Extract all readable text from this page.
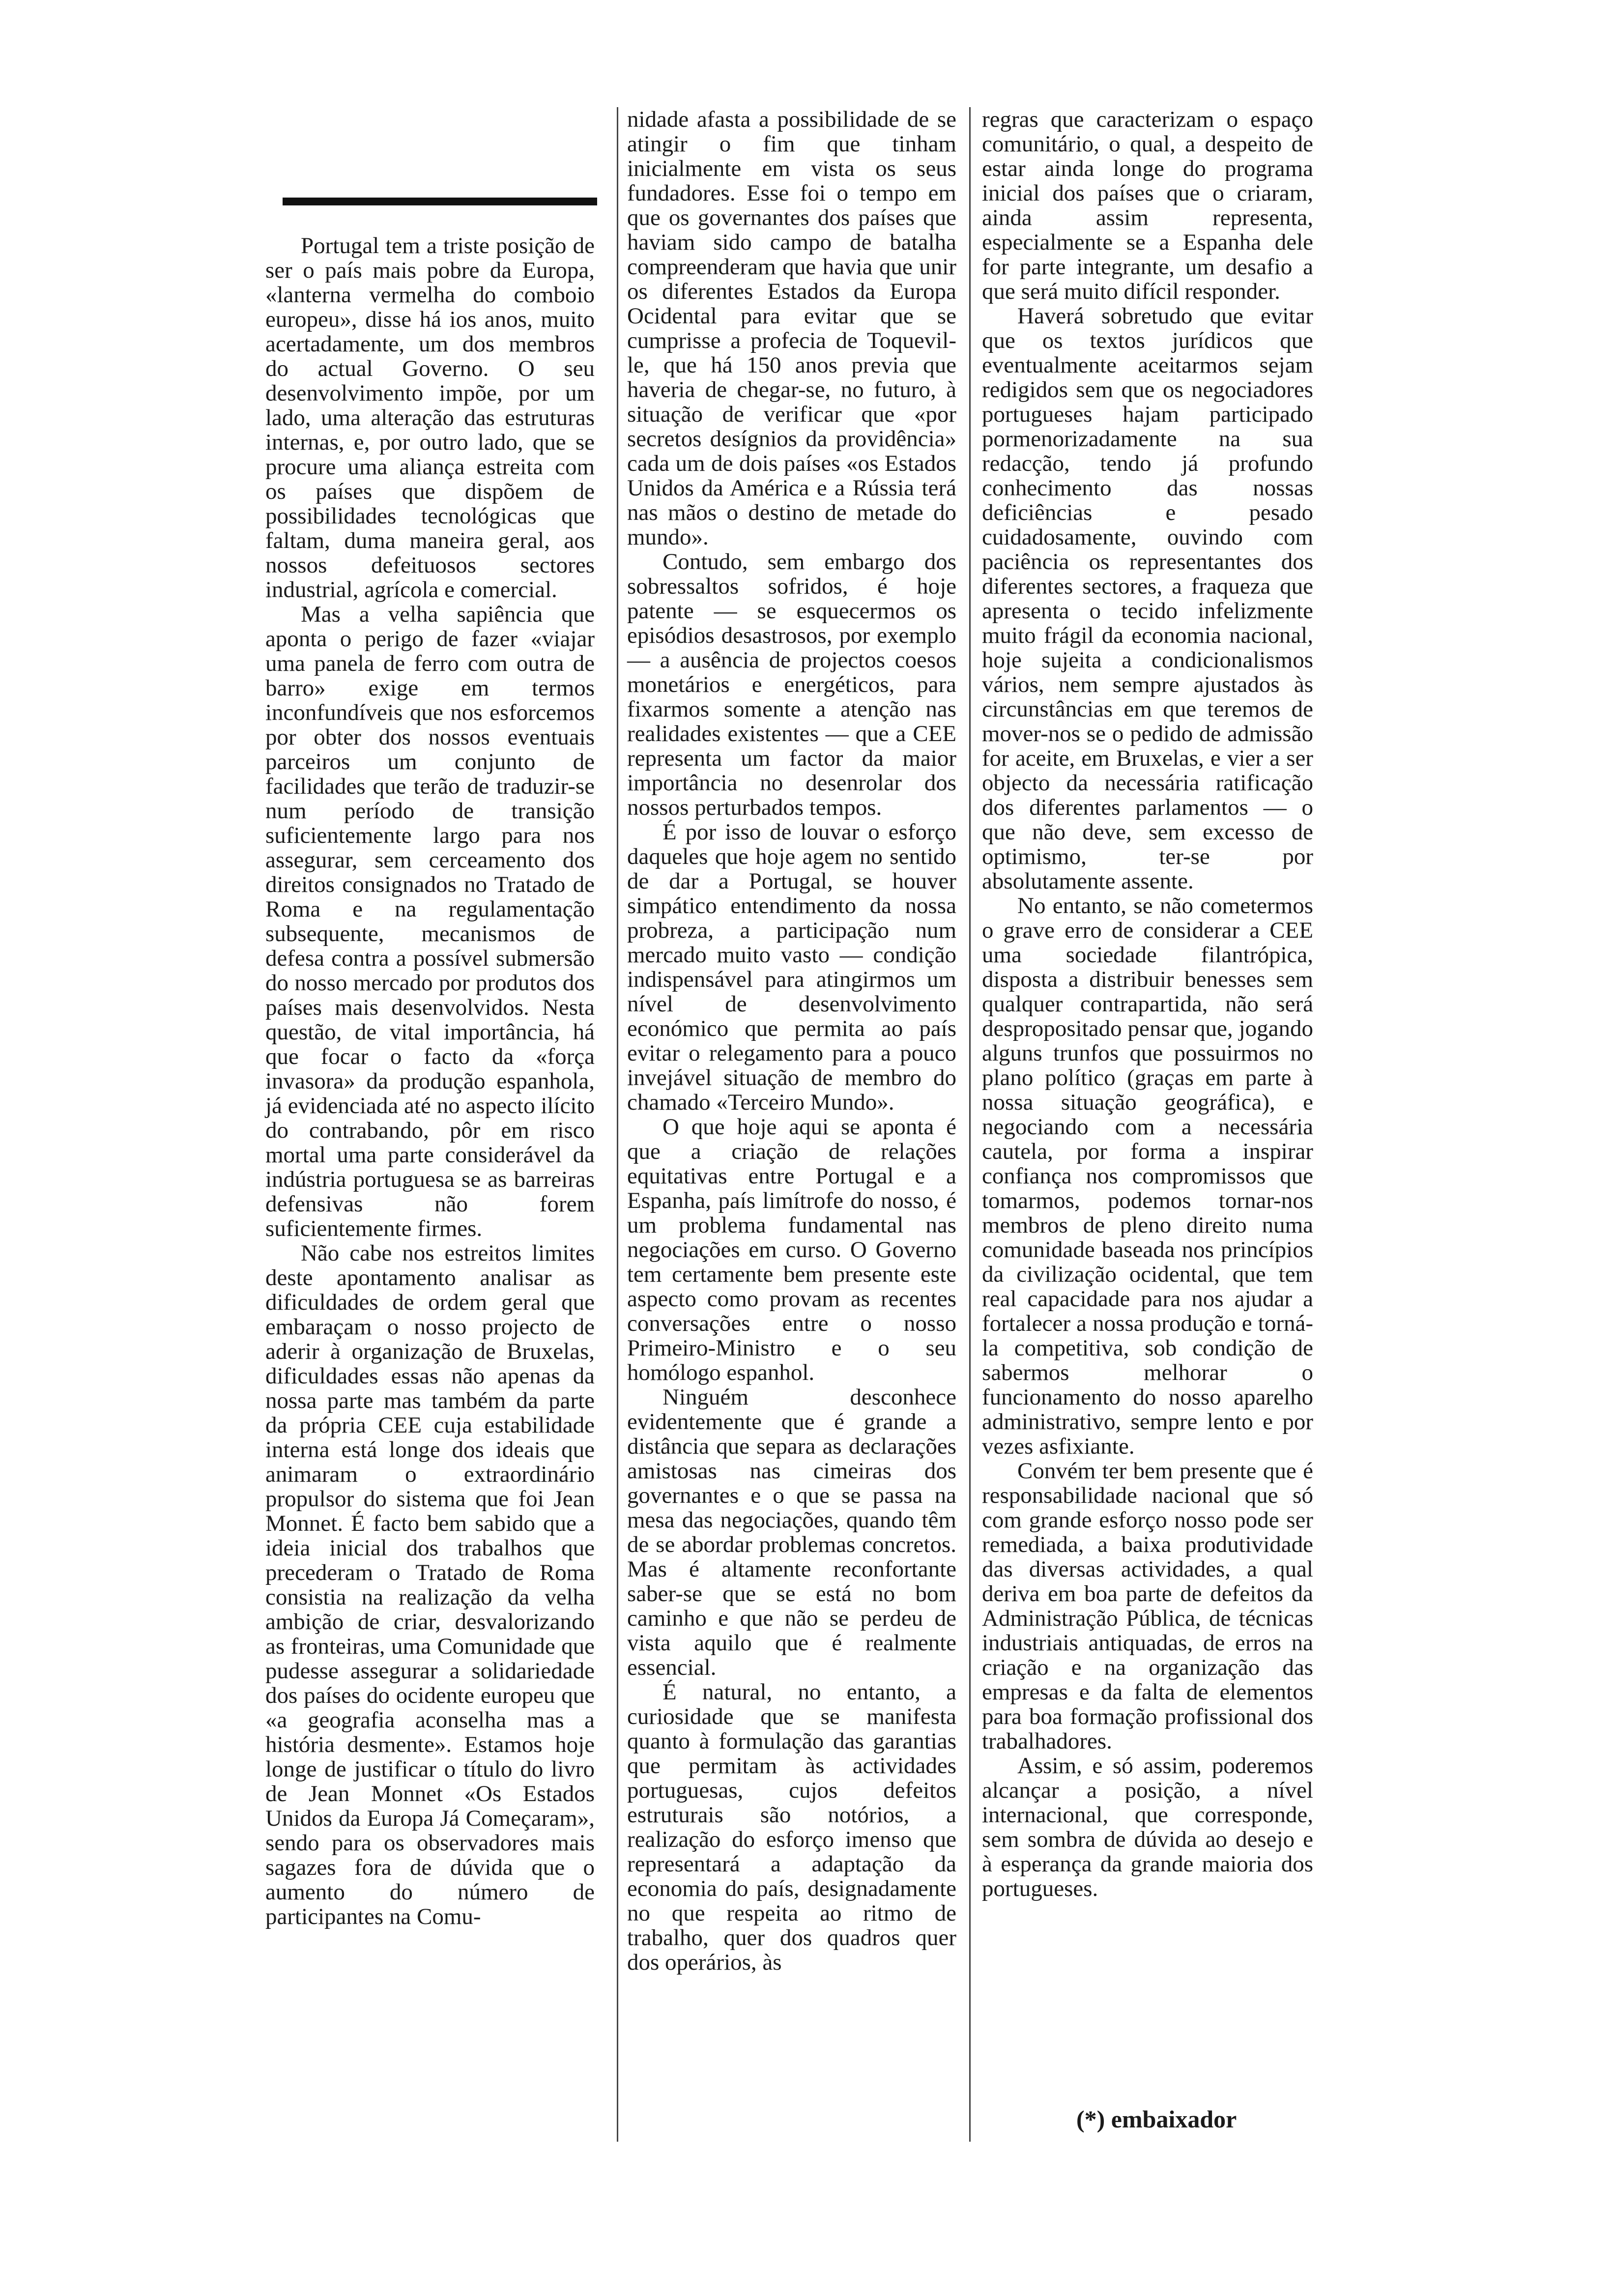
Portugal tem a triste posição de ser o país mais pobre da Europa, «lanterna vermelha do comboio europeu», disse há ios anos, muito acertadamente, um dos membros do actual Governo. O seu desenvolvimento impõe, por um lado, uma alteração das estruturas internas, e, por outro lado, que se procure uma aliança estreita com os países que dispõem de possibilidades tecnológicas que faltam, duma maneira geral, aos nossos defeituosos sectores industrial, agrícola e comercial.

Mas a velha sapiência que aponta o perigo de fazer «viajar uma panela de ferro com outra de barro» exige em termos inconfundíveis que nos esforcemos por obter dos nossos eventuais parceiros um conjunto de facilidades que terão de traduzir-se num período de transição suficientemente largo para nos assegurar, sem cerceamento dos direitos consignados no Tratado de Roma e na regulamentação subsequente, mecanismos de defesa contra a possível submersão do nosso mercado por produtos dos países mais desenvolvidos. Nesta questão, de vital importância, há que focar o facto da «força invasora» da produção espanhola, já evidenciada até no aspecto ilícito do contrabando, pôr em risco mortal uma parte considerável da indústria portuguesa se as barreiras defensivas não forem suficientemente firmes.

Não cabe nos estreitos limites deste apontamento analisar as dificuldades de ordem geral que embaraçam o nosso projecto de aderir à organização de Bruxelas, dificuldades essas não apenas da nossa parte mas também da parte da própria CEE cuja estabilidade interna está longe dos ideais que animaram o extraordinário propulsor do sistema que foi Jean Monnet. É facto bem sabido que a ideia inicial dos trabalhos que precederam o Tratado de Roma consistia na realização da velha ambição de criar, desvalorizando as fronteiras, uma Comunidade que pudesse assegurar a solidariedade dos países do ocidente europeu que «a geografia aconselha mas a história desmente». Estamos hoje longe de justificar o título do livro de Jean Monnet «Os Estados Unidos da Europa Já Começaram», sendo para os observadores mais sagazes fora de dúvida que o aumento do número de participantes na Comu-

nidade afasta a possibilidade de se atingir o fim que tinham inicialmente em vista os seus fundadores. Esse foi o tempo em que os governantes dos países que haviam sido campo de batalha compreenderam que havia que unir os diferentes Estados da Europa Ocidental para evitar que se cumprisse a profecia de Toquevil-le, que há 150 anos previa que haveria de chegar-se, no futuro, à situação de verificar que «por secretos desígnios da providência» cada um de dois países «os Estados Unidos da América e a Rússia terá nas mãos o destino de metade do mundo».

Contudo, sem embargo dos sobressaltos sofridos, é hoje patente — se esquecermos os episódios desastrosos, por exemplo — a ausência de projectos coesos monetários e energéticos, para fixarmos somente a atenção nas realidades existentes — que a CEE representa um factor da maior importância no desenrolar dos nossos perturbados tempos.

É por isso de louvar o esforço daqueles que hoje agem no sentido de dar a Portugal, se houver simpático entendimento da nossa probreza, a participação num mercado muito vasto — condição indispensável para atingirmos um nível de desenvolvimento económico que permita ao país evitar o relegamento para a pouco invejável situação de membro do chamado «Terceiro Mundo».

O que hoje aqui se aponta é que a criação de relações equitativas entre Portugal e a Espanha, país limítrofe do nosso, é um problema fundamental nas negociações em curso. O Governo tem certamente bem presente este aspecto como provam as recentes conversações entre o nosso Primeiro-Ministro e o seu homólogo espanhol.

Ninguém desconhece evidentemente que é grande a distância que separa as declarações amistosas nas cimeiras dos governantes e o que se passa na mesa das negociações, quando têm de se abordar problemas concretos. Mas é altamente reconfortante saber-se que se está no bom caminho e que não se perdeu de vista aquilo que é realmente essencial.

É natural, no entanto, a curiosidade que se manifesta quanto à formulação das garantias que permitam às actividades portuguesas, cujos defeitos estruturais são notórios, a realização do esforço imenso que representará a adaptação da economia do país, designadamente no que respeita ao ritmo de trabalho, quer dos quadros quer dos operários, às

regras que caracterizam o espaço comunitário, o qual, a despeito de estar ainda longe do programa inicial dos países que o criaram, ainda assim representa, especialmente se a Espanha dele for parte integrante, um desafio a que será muito difícil responder.

Haverá sobretudo que evitar que os textos jurídicos que eventualmente aceitarmos sejam redigidos sem que os negociadores portugueses hajam participado pormenorizadamente na sua redacção, tendo já profundo conhecimento das nossas deficiências e pesado cuidadosamente, ouvindo com paciência os representantes dos diferentes sectores, a fraqueza que apresenta o tecido infelizmente muito frágil da economia nacional, hoje sujeita a condicionalismos vários, nem sempre ajustados às circunstâncias em que teremos de mover-nos se o pedido de admissão for aceite, em Bruxelas, e vier a ser objecto da necessária ratificação dos diferentes parlamentos — o que não deve, sem excesso de optimismo, ter-se por absolutamente assente.

No entanto, se não cometermos o grave erro de considerar a CEE uma sociedade filantrópica, disposta a distribuir benesses sem qualquer contrapartida, não será despropositado pensar que, jogando alguns trunfos que possuirmos no plano político (graças em parte à nossa situação geográfica), e negociando com a necessária cautela, por forma a inspirar confiança nos compromissos que tomarmos, podemos tornar-nos membros de pleno direito numa comunidade baseada nos princípios da civilização ocidental, que tem real capacidade para nos ajudar a fortalecer a nossa produção e torná-la competitiva, sob condição de sabermos melhorar o funcionamento do nosso aparelho administrativo, sempre lento e por vezes asfixiante.

Convém ter bem presente que é responsabilidade nacional que só com grande esforço nosso pode ser remediada, a baixa produtividade das diversas actividades, a qual deriva em boa parte de defeitos da Administração Pública, de técnicas industriais antiquadas, de erros na criação e na organização das empresas e da falta de elementos para boa formação profissional dos trabalhadores.

Assim, e só assim, poderemos alcançar a posição, a nível internacional, que corresponde, sem sombra de dúvida ao desejo e à esperança da grande maioria dos portugueses.

(*) embaixador
